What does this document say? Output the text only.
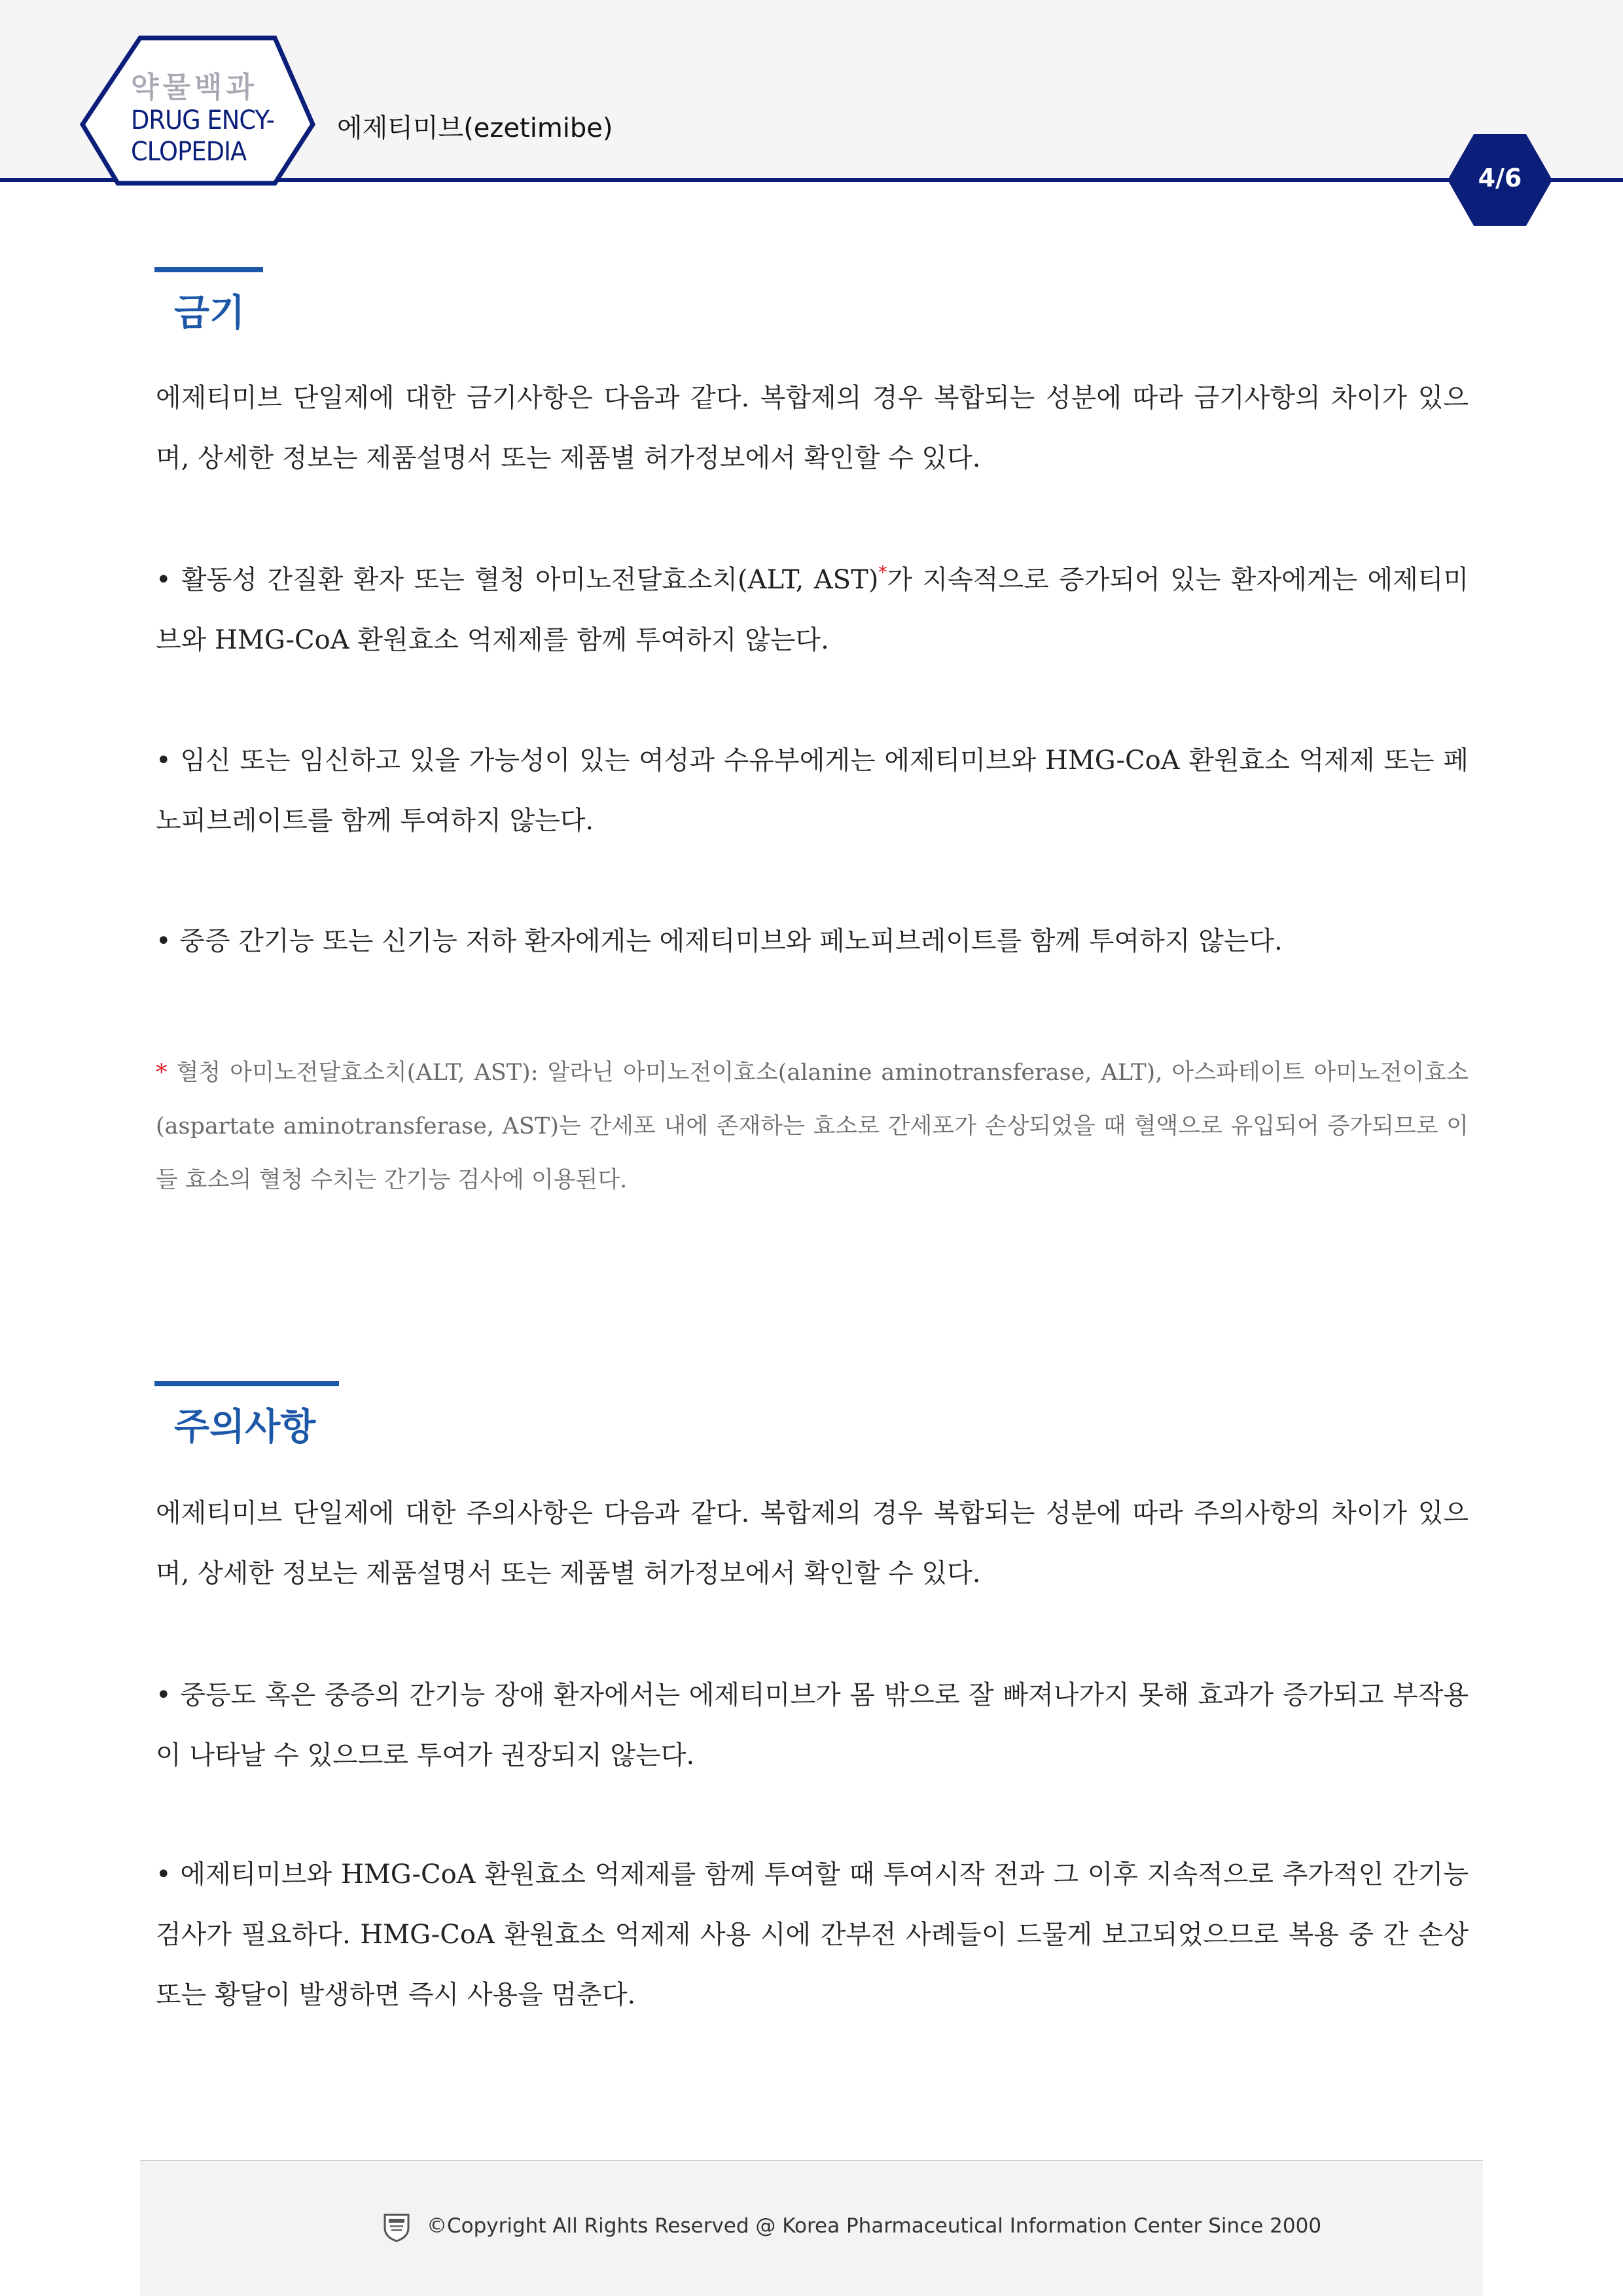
약물백과
DRUG ENCY-
CLOPEDIA
에제티미브(ezetimibe)
4/6
금기
에제티미브 단일제에 대한 금기사항은 다음과 같다. 복합제의 경우 복합되는 성분에 따라 금기사항의 차이가 있으며, 상세한 정보는 제품설명서 또는 제품별 허가정보에서 확인할 수 있다.
• 활동성 간질환 환자 또는 혈청 아미노전달효소치(ALT, AST)*가 지속적으로 증가되어 있는 환자에게는 에제티미브와 HMG-CoA 환원효소 억제제를 함께 투여하지 않는다.
• 임신 또는 임신하고 있을 가능성이 있는 여성과 수유부에게는 에제티미브와 HMG-CoA 환원효소 억제제 또는 페노피브레이트를 함께 투여하지 않는다.
• 중증 간기능 또는 신기능 저하 환자에게는 에제티미브와 페노피브레이트를 함께 투여하지 않는다.
* 혈청 아미노전달효소치(ALT, AST): 알라닌 아미노전이효소(alanine aminotransferase, ALT), 아스파테이트 아미노전이효소(aspartate aminotransferase, AST)는 간세포 내에 존재하는 효소로 간세포가 손상되었을 때 혈액으로 유입되어 증가되므로 이들 효소의 혈청 수치는 간기능 검사에 이용된다.
주의사항
에제티미브 단일제에 대한 주의사항은 다음과 같다. 복합제의 경우 복합되는 성분에 따라 주의사항의 차이가 있으며, 상세한 정보는 제품설명서 또는 제품별 허가정보에서 확인할 수 있다.
• 중등도 혹은 중증의 간기능 장애 환자에서는 에제티미브가 몸 밖으로 잘 빠져나가지 못해 효과가 증가되고 부작용이 나타날 수 있으므로 투여가 권장되지 않는다.
• 에제티미브와 HMG-CoA 환원효소 억제제를 함께 투여할 때 투여시작 전과 그 이후 지속적으로 추가적인 간기능 검사가 필요하다. HMG-CoA 환원효소 억제제 사용 시에 간부전 사례들이 드물게 보고되었으므로 복용 중 간 손상 또는 황달이 발생하면 즉시 사용을 멈춘다.
©Copyright All Rights Reserved @ Korea Pharmaceutical Information Center Since 2000
